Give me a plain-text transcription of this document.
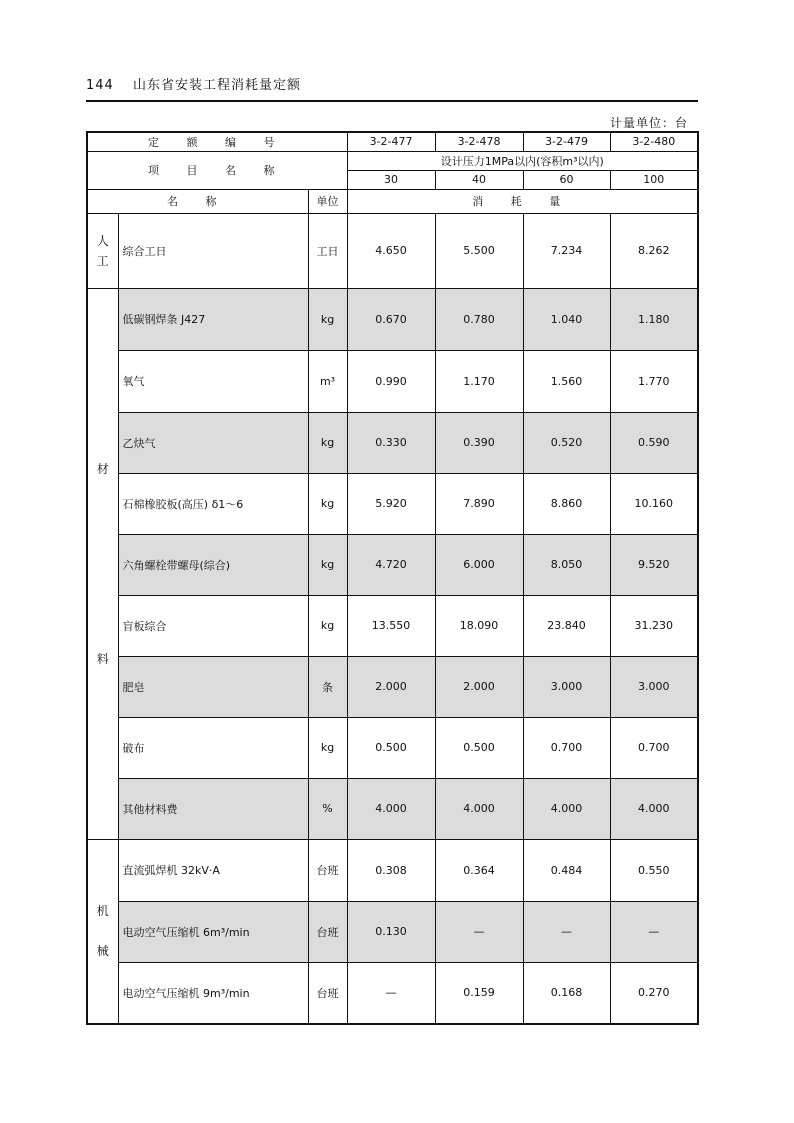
144 山东省安装工程消耗量定额
计量单位：台
定 额 编 号			3-2-477	3-2-478	3-2-479	3-2-480
项 目 名 称			设计压力1MPa以内(容积m³以内)			
			30	40	60	100
名 称		单位	消 耗 量			

人
工	综合工日	工日	4.650	5.500	7.234	8.262

材
料	低碳钢焊条 J427	kg	0.670	0.780	1.040	1.180
	氧气	m³	0.990	1.170	1.560	1.770
	乙炔气	kg	0.330	0.390	0.520	0.590
	石棉橡胶板(高压) δ1～6	kg	5.920	7.890	8.860	10.160
	六角螺栓带螺母(综合)	kg	4.720	6.000	8.050	9.520
	盲板综合	kg	13.550	18.090	23.840	31.230
	肥皂	条	2.000	2.000	3.000	3.000
	破布	kg	0.500	0.500	0.700	0.700
	其他材料费	%	4.000	4.000	4.000	4.000

机
械	直流弧焊机 32kV·A	台班	0.308	0.364	0.484	0.550
	电动空气压缩机 6m³/min	台班	0.130	—	—	—
	电动空气压缩机 9m³/min	台班	—	0.159	0.168	0.270
